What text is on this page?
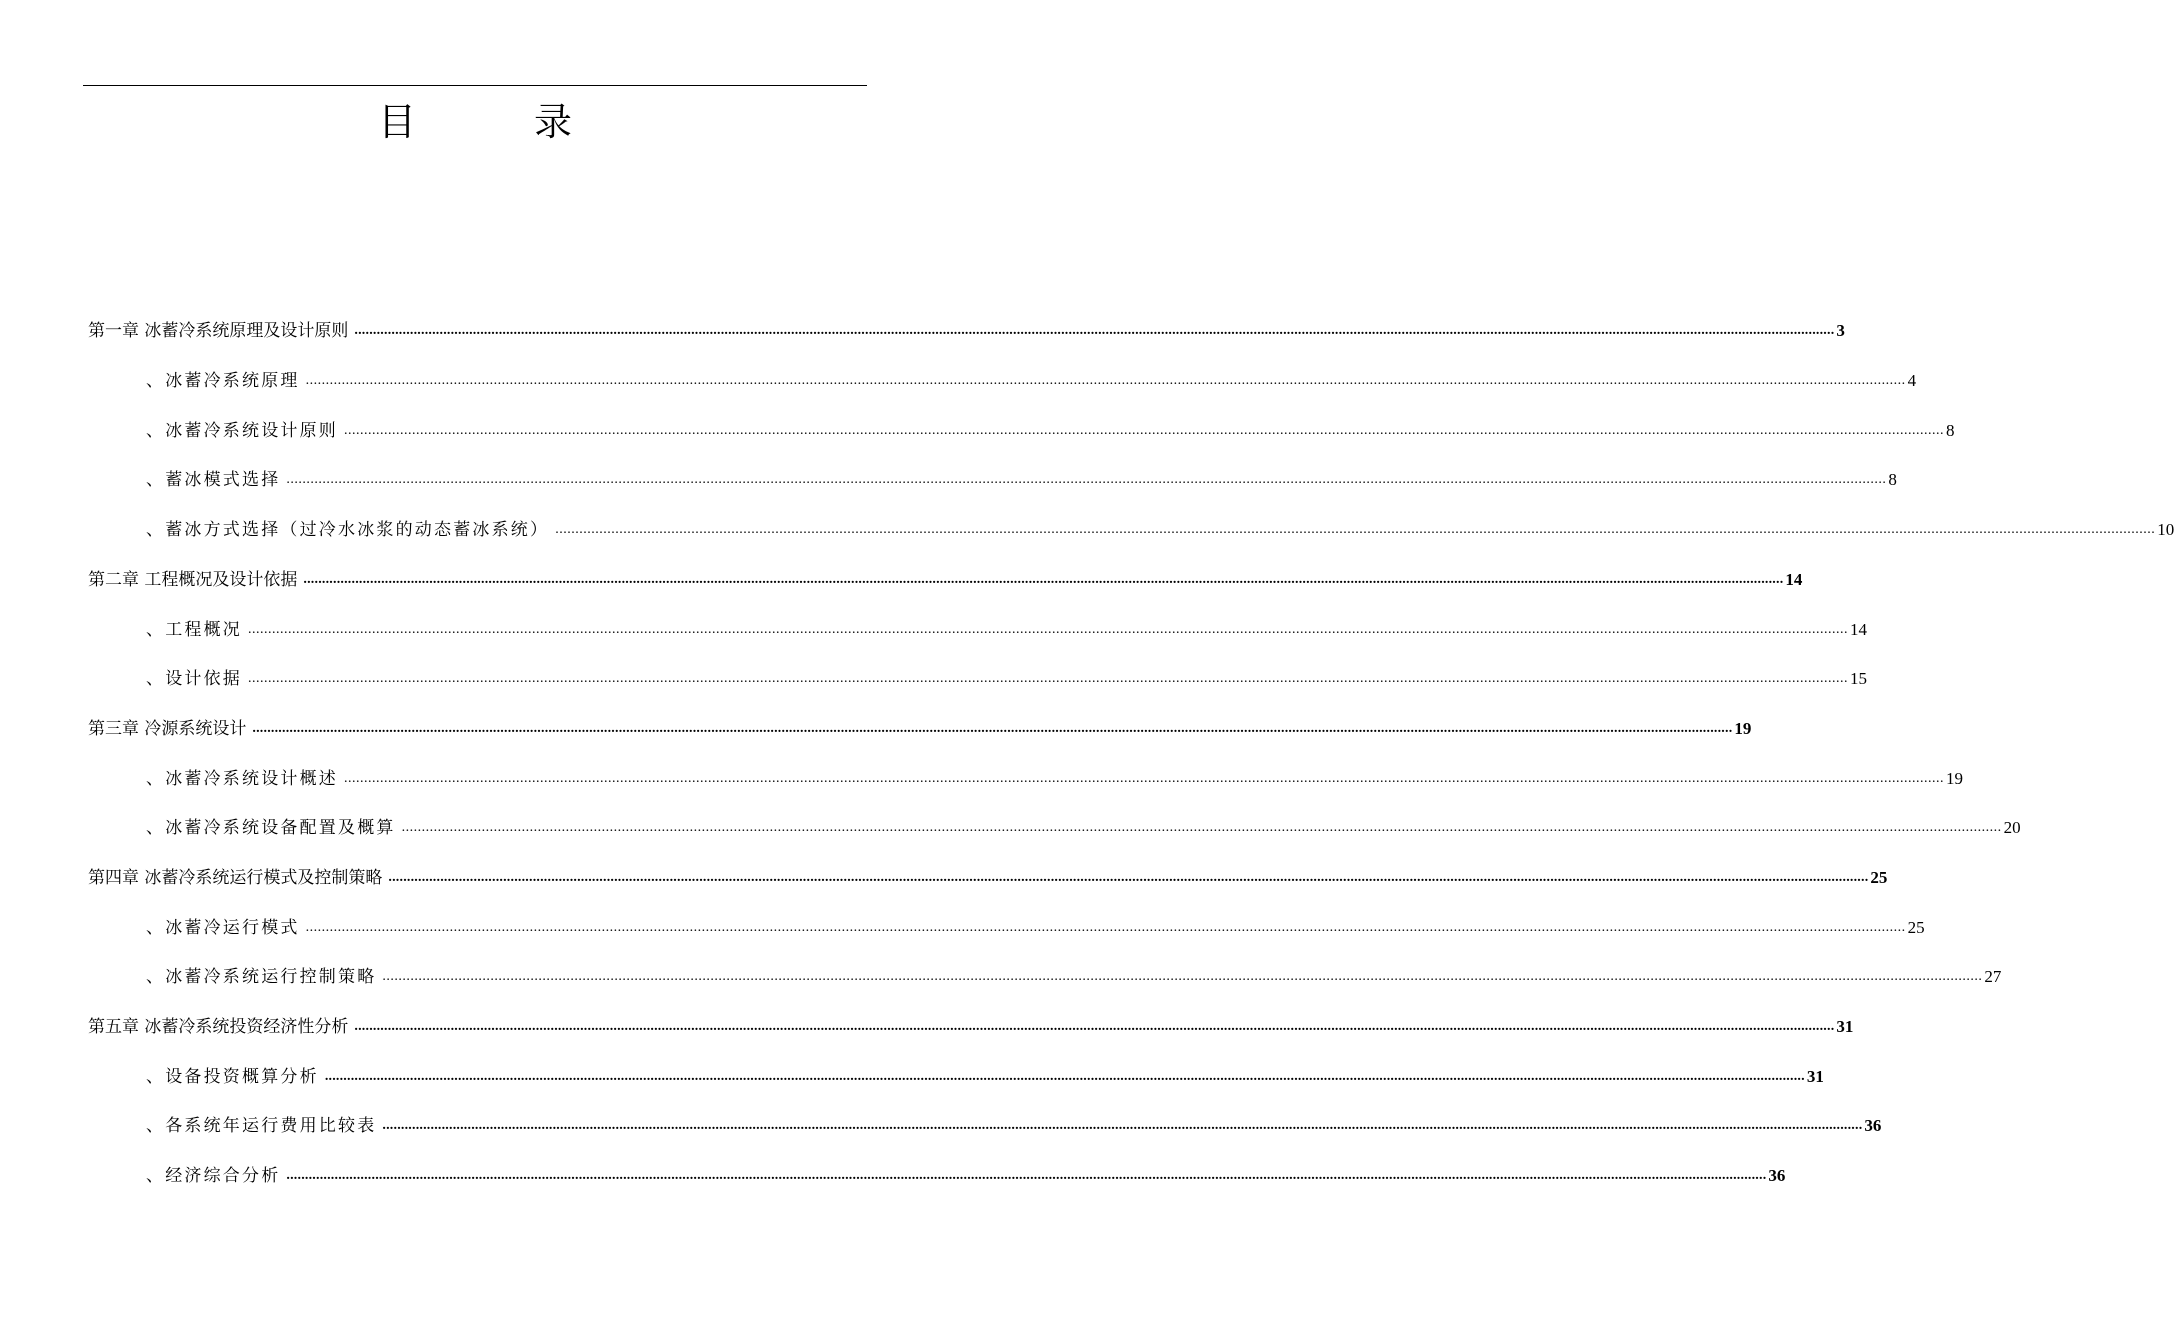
目　录
第一章 冰蓄冷系统原理及设计原则 ................................................................................................................................................................................................................................................................................................................................................................................................................ 3
、冰蓄冷系统原理 ................................................................................................................................................................................................................................................................................................................................................................................................................ 4
、冰蓄冷系统设计原则 ................................................................................................................................................................................................................................................................................................................................................................................................................ 8
、蓄冰模式选择 ................................................................................................................................................................................................................................................................................................................................................................................................................ 8
、蓄冰方式选择（过冷水冰浆的动态蓄冰系统） ................................................................................................................................................................................................................................................................................................................................................................................................................ 10
第二章 工程概况及设计依据 ................................................................................................................................................................................................................................................................................................................................................................................................................ 14
、工程概况 ................................................................................................................................................................................................................................................................................................................................................................................................................ 14
、设计依据 ................................................................................................................................................................................................................................................................................................................................................................................................................ 15
第三章 冷源系统设计 ................................................................................................................................................................................................................................................................................................................................................................................................................ 19
、冰蓄冷系统设计概述 ................................................................................................................................................................................................................................................................................................................................................................................................................ 19
、冰蓄冷系统设备配置及概算 ................................................................................................................................................................................................................................................................................................................................................................................................................ 20
第四章 冰蓄冷系统运行模式及控制策略 ................................................................................................................................................................................................................................................................................................................................................................................................................ 25
、冰蓄冷运行模式 ................................................................................................................................................................................................................................................................................................................................................................................................................ 25
、冰蓄冷系统运行控制策略 ................................................................................................................................................................................................................................................................................................................................................................................................................ 27
第五章 冰蓄冷系统投资经济性分析 ................................................................................................................................................................................................................................................................................................................................................................................................................ 31
、设备投资概算分析 ................................................................................................................................................................................................................................................................................................................................................................................................................ 31
、各系统年运行费用比较表 ................................................................................................................................................................................................................................................................................................................................................................................................................ 36
、经济综合分析 ................................................................................................................................................................................................................................................................................................................................................................................................................ 36
